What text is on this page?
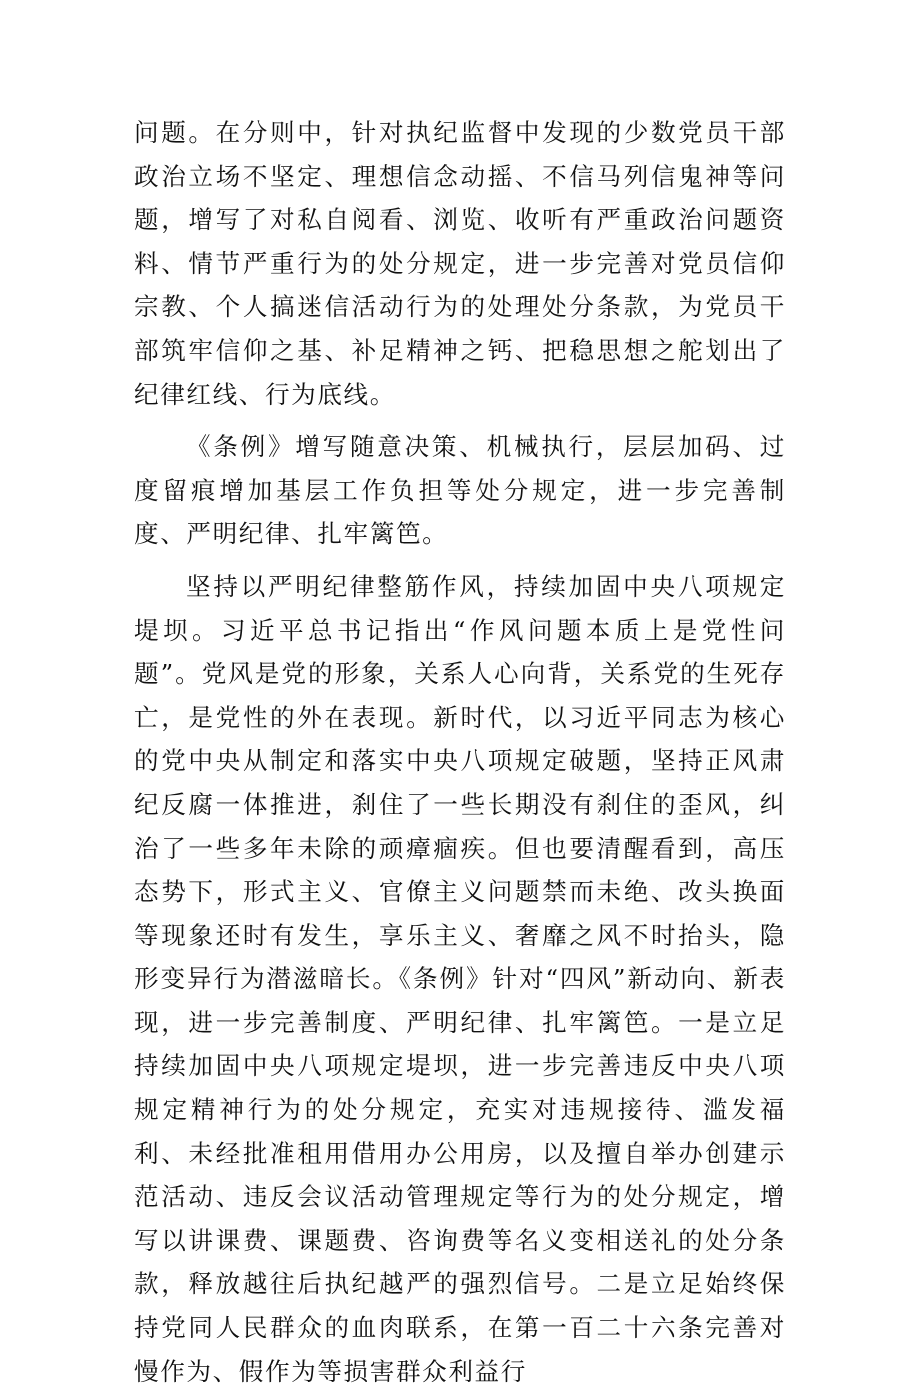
问题。在分则中，针对执纪监督中发现的少数党员干部政治立场不坚定、理想信念动摇、不信马列信鬼神等问题，增写了对私自阅看、浏览、收听有严重政治问题资料、情节严重行为的处分规定，进一步完善对党员信仰宗教、个人搞迷信活动行为的处理处分条款，为党员干部筑牢信仰之基、补足精神之钙、把稳思想之舵划出了纪律红线、行为底线。

《条例》增写随意决策、机械执行，层层加码、过度留痕增加基层工作负担等处分规定，进一步完善制度、严明纪律、扎牢篱笆。

坚持以严明纪律整筋作风，持续加固中央八项规定堤坝。习近平总书记指出“作风问题本质上是党性问题”。党风是党的形象，关系人心向背，关系党的生死存亡，是党性的外在表现。新时代，以习近平同志为核心的党中央从制定和落实中央八项规定破题，坚持正风肃纪反腐一体推进，刹住了一些长期没有刹住的歪风，纠治了一些多年未除的顽瘴痼疾。但也要清醒看到，高压态势下，形式主义、官僚主义问题禁而未绝、改头换面等现象还时有发生，享乐主义、奢靡之风不时抬头，隐形变异行为潜滋暗长。《条例》针对“四风”新动向、新表现，进一步完善制度、严明纪律、扎牢篱笆。一是立足持续加固中央八项规定堤坝，进一步完善违反中央八项规定精神行为的处分规定，充实对违规接待、滥发福利、未经批准租用借用办公用房，以及擅自举办创建示范活动、违反会议活动管理规定等行为的处分规定，增写以讲课费、课题费、咨询费等名义变相送礼的处分条款，释放越往后执纪越严的强烈信号。二是立足始终保持党同人民群众的血肉联系，在第一百二十六条完善对慢作为、假作为等损害群众利益行
